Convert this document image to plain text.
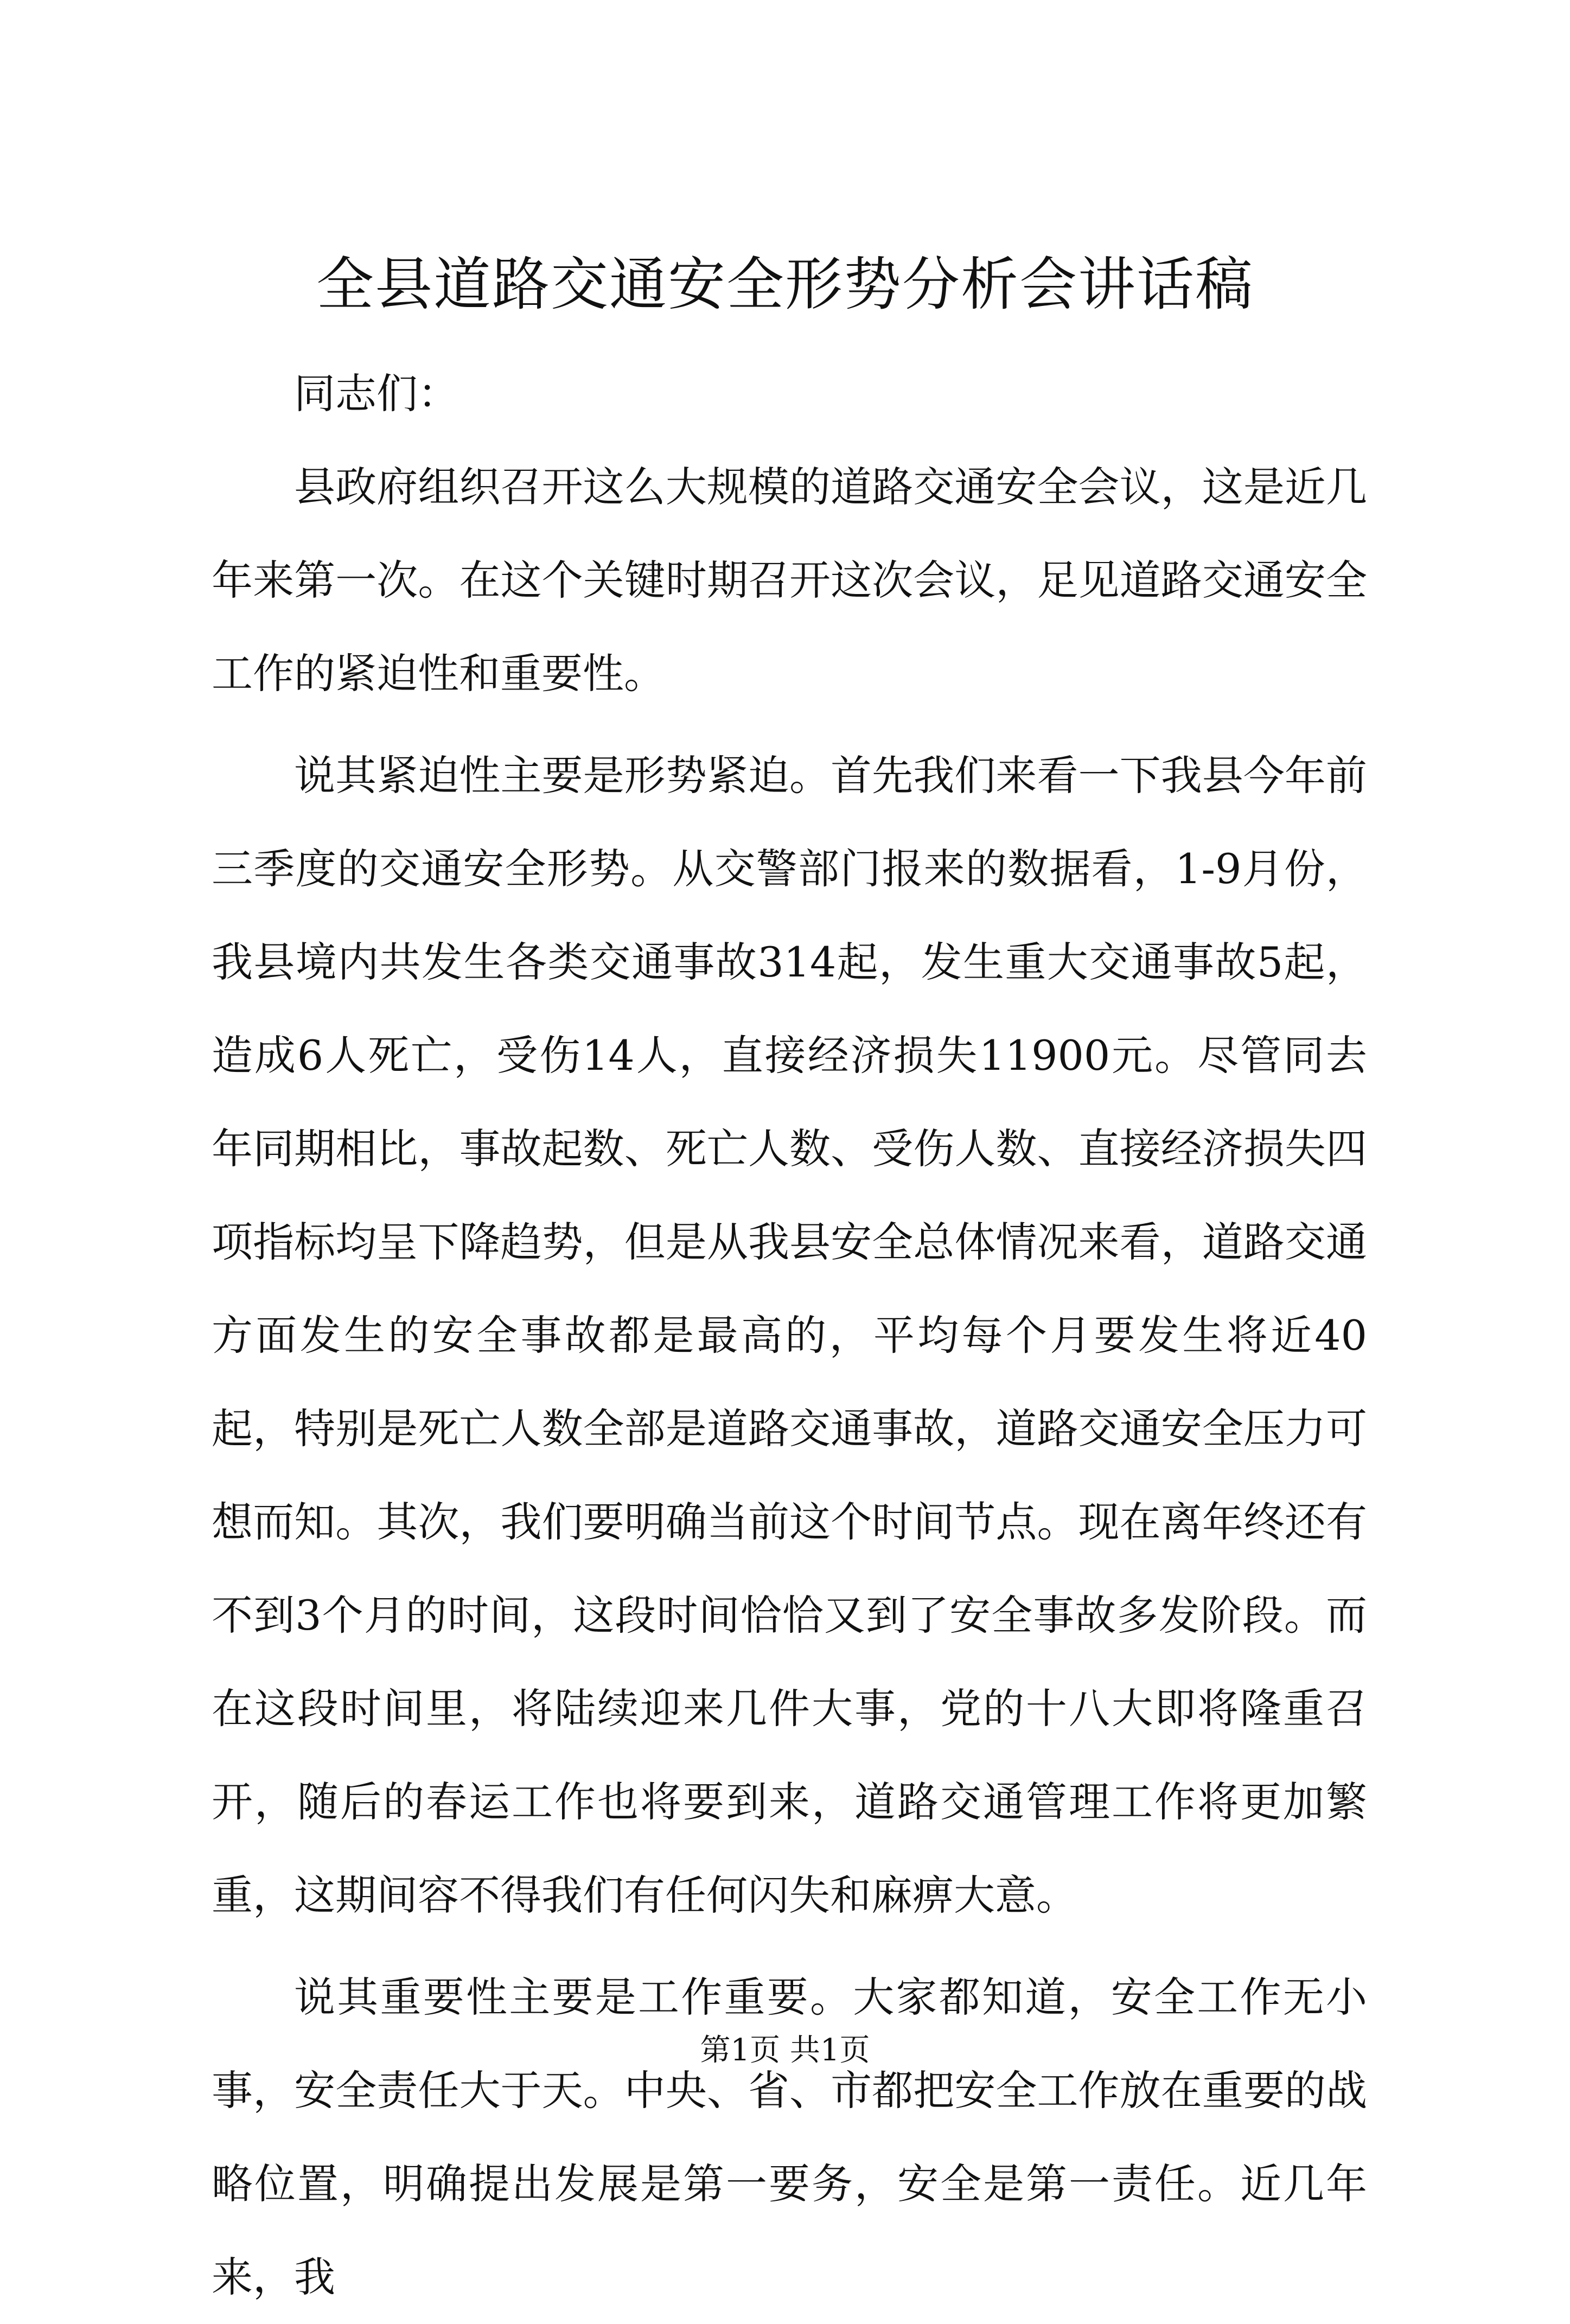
全县道路交通安全形势分析会讲话稿

同志们：

县政府组织召开这么大规模的道路交通安全会议，这是近几年来第一次。在这个关键时期召开这次会议，足见道路交通安全工作的紧迫性和重要性。

说其紧迫性主要是形势紧迫。首先我们来看一下我县今年前三季度的交通安全形势。从交警部门报来的数据看，1-9月份，我县境内共发生各类交通事故314起，发生重大交通事故5起，造成6人死亡，受伤14人，直接经济损失11900元。尽管同去年同期相比，事故起数、死亡人数、受伤人数、直接经济损失四项指标均呈下降趋势，但是从我县安全总体情况来看，道路交通方面发生的安全事故都是最高的，平均每个月要发生将近40起，特别是死亡人数全部是道路交通事故，道路交通安全压力可想而知。其次，我们要明确当前这个时间节点。现在离年终还有不到3个月的时间，这段时间恰恰又到了安全事故多发阶段。而在这段时间里，将陆续迎来几件大事，党的十八大即将隆重召开，随后的春运工作也将要到来，道路交通管理工作将更加繁重，这期间容不得我们有任何闪失和麻痹大意。

说其重要性主要是工作重要。大家都知道，安全工作无小事，安全责任大于天。中央、省、市都把安全工作放在重要的战略位置，明确提出发展是第一要务，安全是第一责任。近几年来，我

第1页 共1页
